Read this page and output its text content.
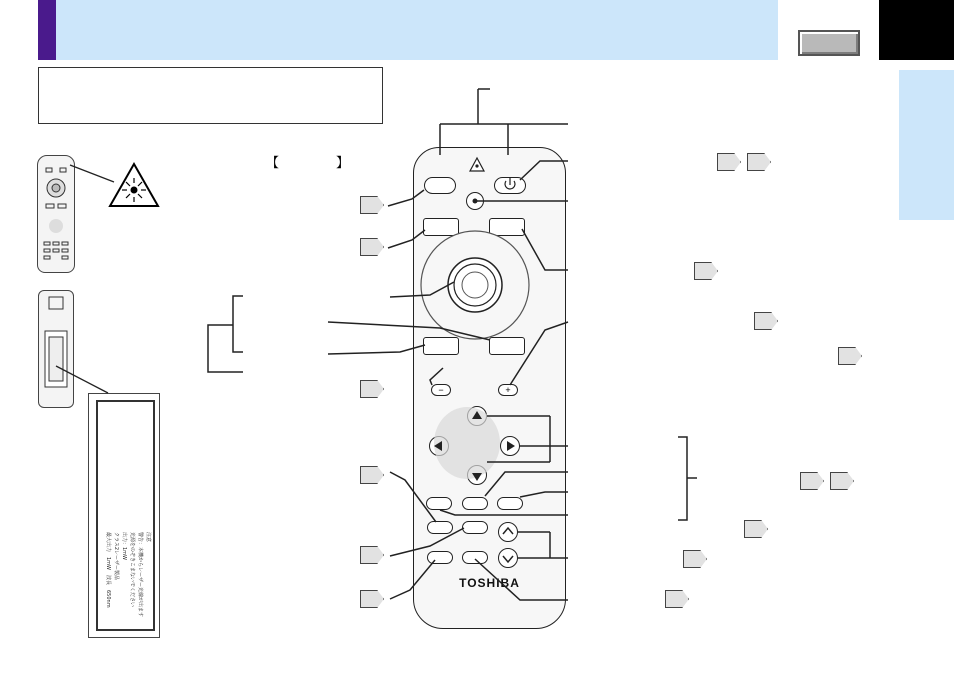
【　　　　】
注意
警告：本機からレーザー光線が出ます
光源をのぞきこまないでください
出力：1mW
クラス2レーザー製品
最大出力　1mW　波長　650nm
−	+
TOSHIBA
